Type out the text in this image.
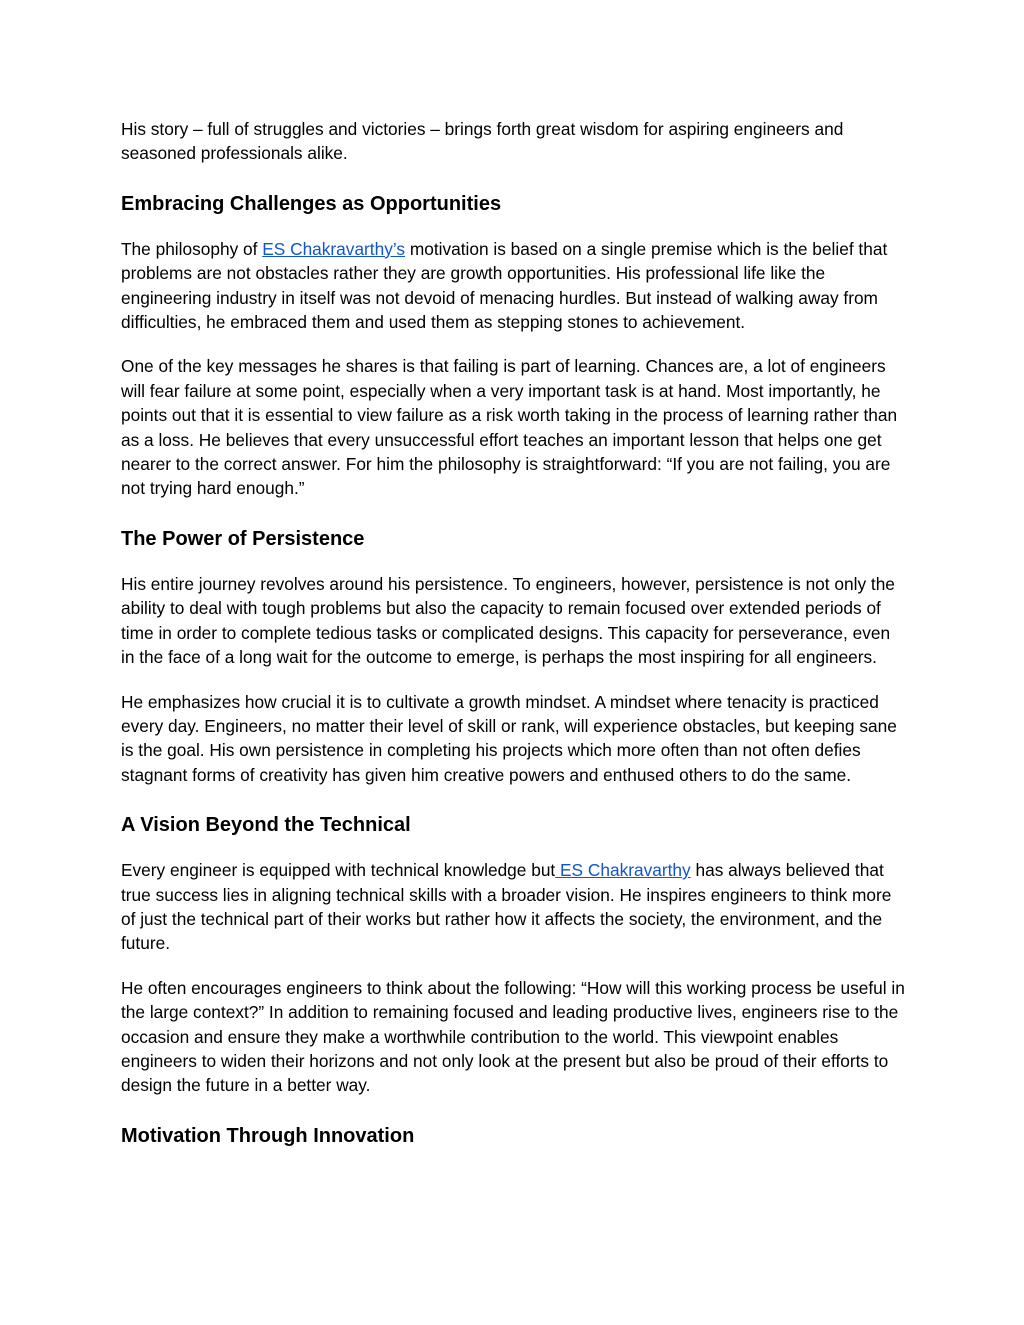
His story – full of struggles and victories – brings forth great wisdom for aspiring engineers and seasoned professionals alike.

Embracing Challenges as Opportunities

The philosophy of ES Chakravarthy’s motivation is based on a single premise which is the belief that problems are not obstacles rather they are growth opportunities. His professional life like the engineering industry in itself was not devoid of menacing hurdles. But instead of walking away from difficulties, he embraced them and used them as stepping stones to achievement.

One of the key messages he shares is that failing is part of learning. Chances are, a lot of engineers will fear failure at some point, especially when a very important task is at hand. Most importantly, he points out that it is essential to view failure as a risk worth taking in the process of learning rather than as a loss. He believes that every unsuccessful effort teaches an important lesson that helps one get nearer to the correct answer. For him the philosophy is straightforward: “If you are not failing, you are not trying hard enough.”

The Power of Persistence

His entire journey revolves around his persistence. To engineers, however, persistence is not only the ability to deal with tough problems but also the capacity to remain focused over extended periods of time in order to complete tedious tasks or complicated designs. This capacity for perseverance, even in the face of a long wait for the outcome to emerge, is perhaps the most inspiring for all engineers.

He emphasizes how crucial it is to cultivate a growth mindset. A mindset where tenacity is practiced every day. Engineers, no matter their level of skill or rank, will experience obstacles, but keeping sane is the goal. His own persistence in completing his projects which more often than not often defies stagnant forms of creativity has given him creative powers and enthused others to do the same.

A Vision Beyond the Technical

Every engineer is equipped with technical knowledge but ES Chakravarthy has always believed that true success lies in aligning technical skills with a broader vision. He inspires engineers to think more of just the technical part of their works but rather how it affects the society, the environment, and the future.

He often encourages engineers to think about the following: “How will this working process be useful in the large context?” In addition to remaining focused and leading productive lives, engineers rise to the occasion and ensure they make a worthwhile contribution to the world. This viewpoint enables engineers to widen their horizons and not only look at the present but also be proud of their efforts to design the future in a better way.

Motivation Through Innovation
